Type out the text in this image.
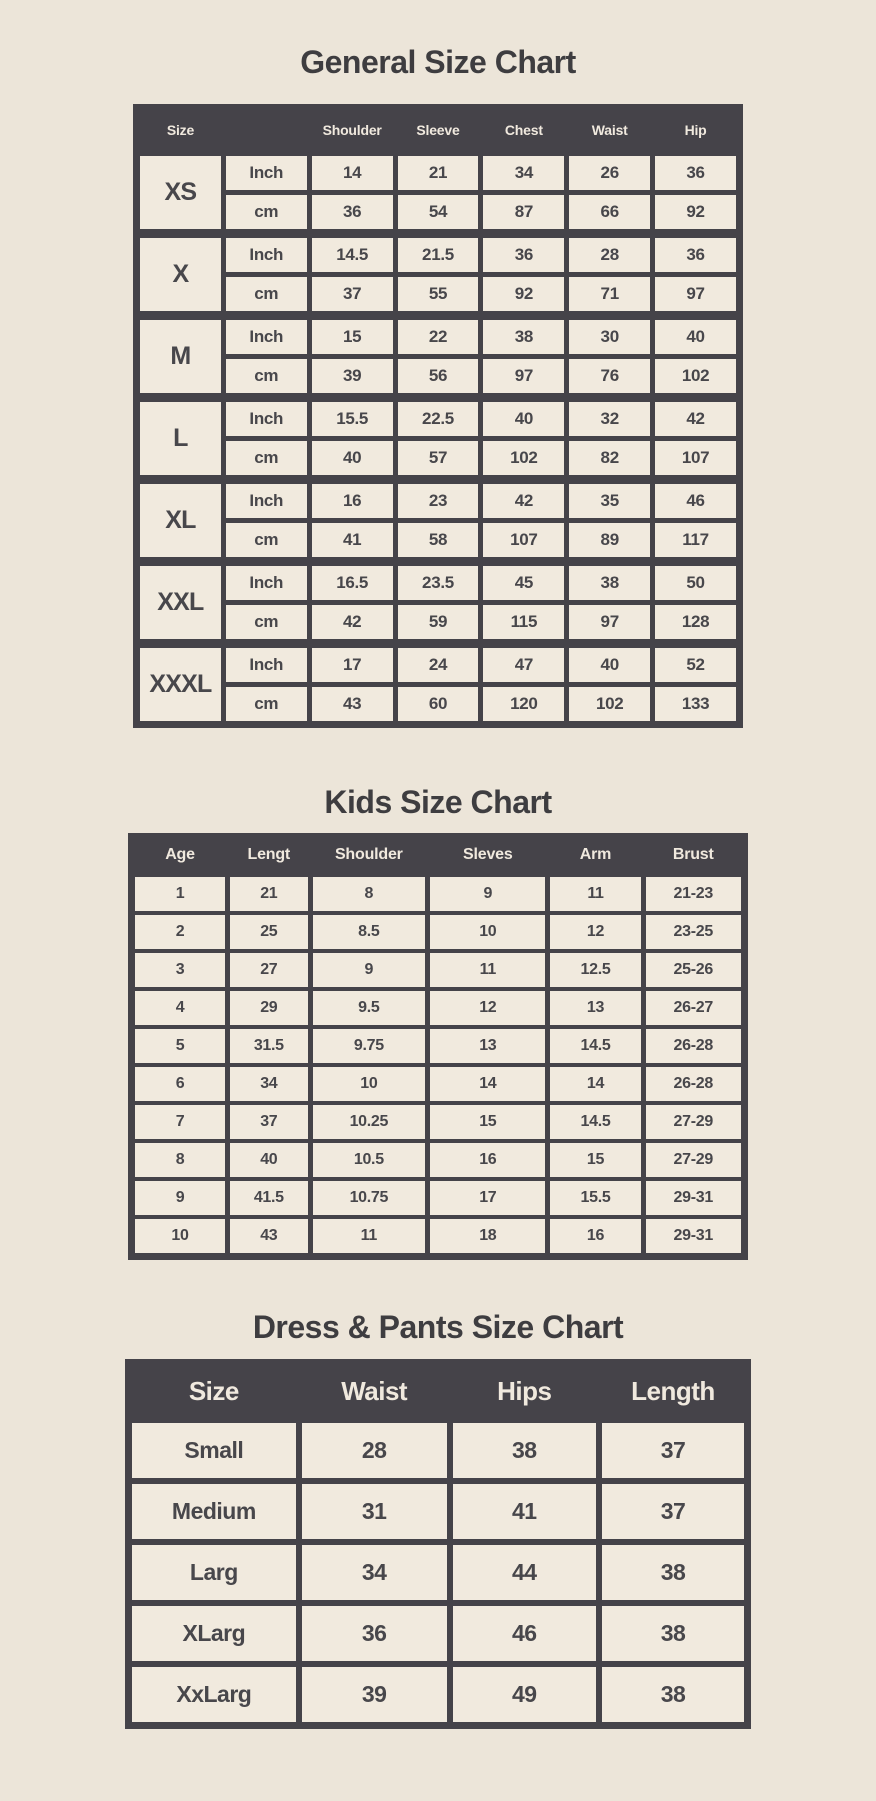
General Size Chart
Size	Shoulder	Sleeve	Chest	Waist	Hip
XS
Inch	14	21	34	26	36
cm	36	54	87	66	92
X
Inch	14.5	21.5	36	28	36
cm	37	55	92	71	97
M
Inch	15	22	38	30	40
cm	39	56	97	76	102
L
Inch	15.5	22.5	40	32	42
cm	40	57	102	82	107
XL
Inch	16	23	42	35	46
cm	41	58	107	89	117
XXL
Inch	16.5	23.5	45	38	50
cm	42	59	115	97	128
XXXL
Inch	17	24	47	40	52
cm	43	60	120	102	133
Kids Size Chart
Age	Lengt	Shoulder	Sleves	Arm	Brust
1	21	8	9	11	21-23
2	25	8.5	10	12	23-25
3	27	9	11	12.5	25-26
4	29	9.5	12	13	26-27
5	31.5	9.75	13	14.5	26-28
6	34	10	14	14	26-28
7	37	10.25	15	14.5	27-29
8	40	10.5	16	15	27-29
9	41.5	10.75	17	15.5	29-31
10	43	11	18	16	29-31
Dress & Pants Size Chart
Size	Waist	Hips	Length
Small	28	38	37
Medium	31	41	37
Larg	34	44	38
XLarg	36	46	38
XxLarg	39	49	38
